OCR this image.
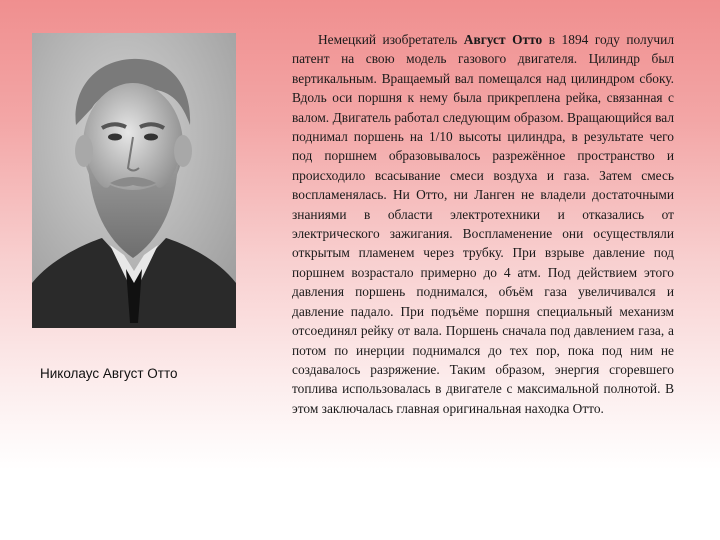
Николаус Август Отто

Немецкий изобретатель Август Отто в 1894 году получил патент на свою модель газового двигателя. Цилиндр был вертикальным. Вращаемый вал помещался над цилиндром сбоку. Вдоль оси поршня к нему была прикреплена рейка, связанная с валом. Двигатель работал следующим образом. Вращающийся вал поднимал поршень на 1/10 высоты цилиндра, в результате чего под поршнем образовывалось разрежённое пространство и происходило всасывание смеси воздуха и газа. Затем смесь воспламенялась. Ни Отто, ни Ланген не владели достаточными знаниями в области электротехники и отказались от электрического зажигания. Воспламенение они осуществляли открытым пламенем через трубку. При взрыве давление под поршнем возрастало примерно до 4 атм. Под действием этого давления поршень поднимался, объём газа увеличивался и давление падало. При подъёме поршня специальный механизм отсоединял рейку от вала. Поршень сначала под давлением газа, а потом по инерции поднимался до тех пор, пока под ним не создавалось разряжение. Таким образом, энергия сгоревшего топлива использовалась в двигателе с максимальной полнотой. В этом заключалась главная оригинальная находка Отто.
